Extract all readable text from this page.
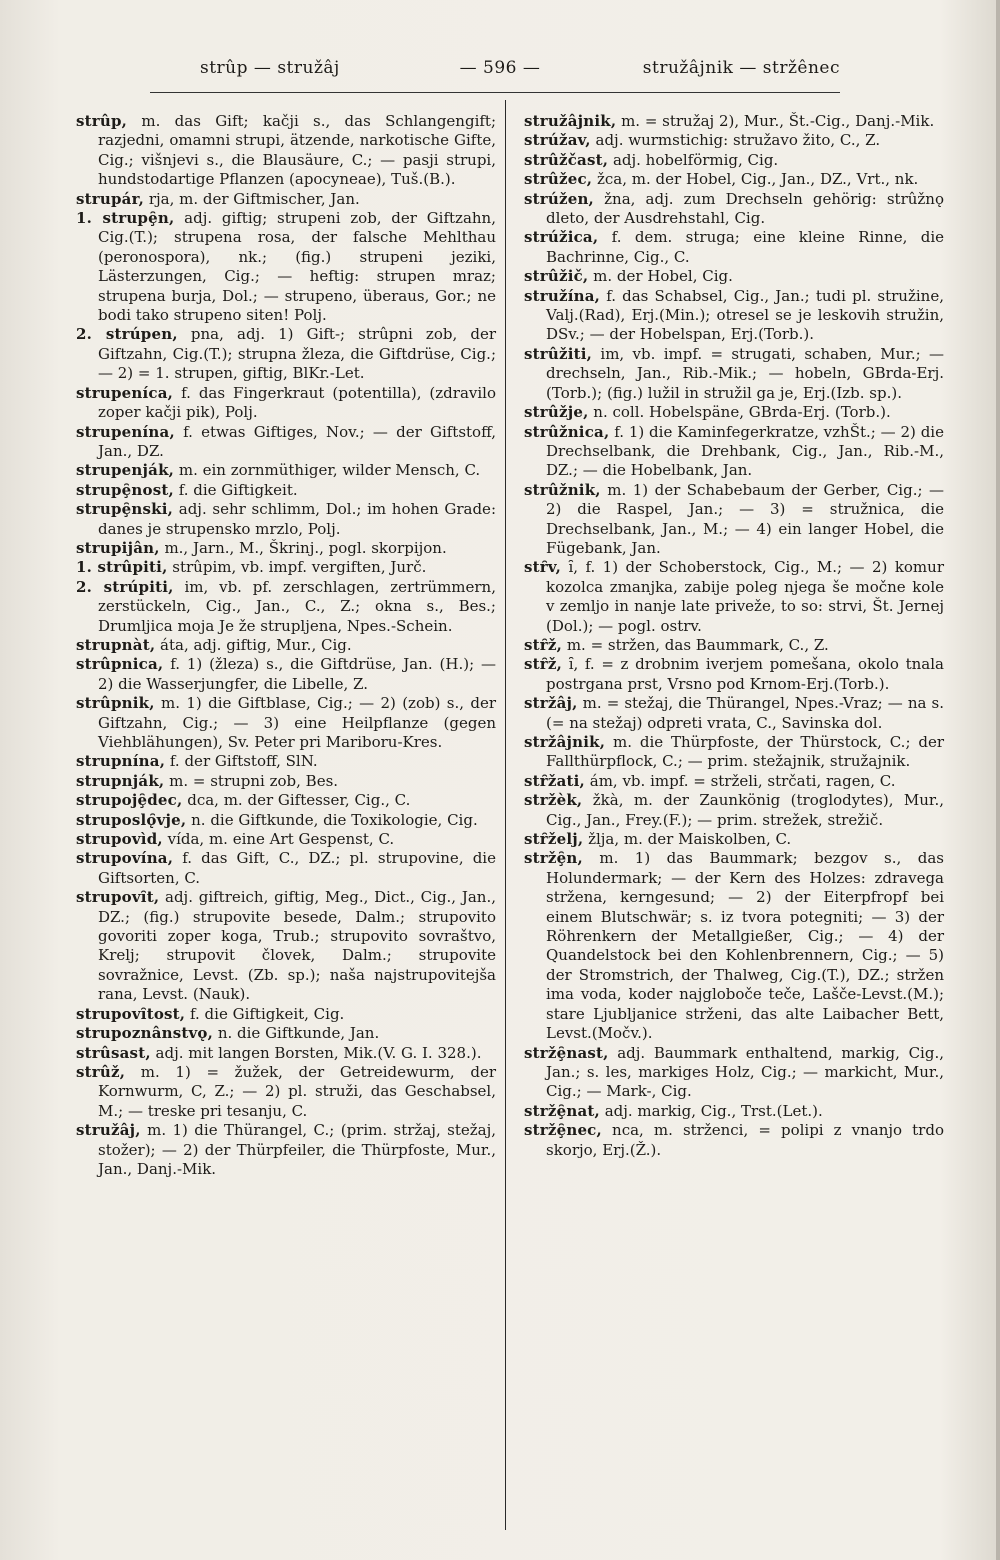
strûp — stružâj	— 596 —	stružâjnik — stržênec

strûp, m. das Gift; kačji s., das Schlangengift; razjedni, omamni strupi, ätzende, narkotische Gifte, Cig.; višnjevi s., die Blausäure, C.; — pasji strupi, hundstodartige Pflanzen (apocyneae), Tuš.(B.).

strupár, rja, m. der Giftmischer, Jan.

1. strupȩ̑n, adj. giftig; strupeni zob, der Giftzahn, Cig.(T.); strupena rosa, der falsche Mehlthau (peronospora), nk.; (fig.) strupeni jeziki, Lästerzungen, Cig.; — heftig: strupen mraz; strupena burja, Dol.; — strupeno, überaus, Gor.; ne bodi tako strupeno siten! Polj.

2. strúpen, pna, adj. 1) Gift-; strûpni zob, der Giftzahn, Cig.(T.); strupna žleza, die Giftdrüse, Cig.; — 2) = 1. strupen, giftig, BlKr.-Let.

strupeníca, f. das Fingerkraut (potentilla), (zdravilo zoper kačji pik), Polj.

strupenína, f. etwas Giftiges, Nov.; — der Giftstoff, Jan., DZ.

strupenják, m. ein zornmüthiger, wilder Mensch, C.

strupȩ̑nost, f. die Giftigkeit.

strupȩ̑nski, adj. sehr schlimm, Dol.; im hohen Grade: danes je strupensko mrzlo, Polj.

strupijân, m., Jarn., M., Škrinj., pogl. skorpijon.

1. strûpiti, strûpim, vb. impf. vergiften, Jurč.

2. strúpiti, im, vb. pf. zerschlagen, zertrümmern, zerstückeln, Cig., Jan., C., Z.; okna s., Bes.; Drumljica moja Je že strupljena, Npes.-Schein.

strupnàt, áta, adj. giftig, Mur., Cig.

strûpnica, f. 1) (žleza) s., die Giftdrüse, Jan. (H.); — 2) die Wasserjungfer, die Libelle, Z.

strûpnik, m. 1) die Giftblase, Cig.; — 2) (zob) s., der Giftzahn, Cig.; — 3) eine Heilpflanze (gegen Viehblähungen), Sv. Peter pri Mariboru-Kres.

strupnína, f. der Giftstoff, SlN.

strupnják, m. = strupni zob, Bes.

strupojȩ̑dec, dca, m. der Giftesser, Cig., C.

struposlǫ̑vje, n. die Giftkunde, die Toxikologie, Cig.

strupovìd, vída, m. eine Art Gespenst, C.

strupovína, f. das Gift, C., DZ.; pl. strupovine, die Giftsorten, C.

strupovȋt, adj. giftreich, giftig, Meg., Dict., Cig., Jan., DZ.; (fig.) strupovite besede, Dalm.; strupovito govoriti zoper koga, Trub.; strupovito sovraštvo, Krelj; strupovit človek, Dalm.; strupovite sovražnice, Levst. (Zb. sp.); naša najstrupovitejša rana, Levst. (Nauk).

strupovȋtost, f. die Giftigkeit, Cig.

strupoznânstvǫ, n. die Giftkunde, Jan.

strûsast, adj. mit langen Borsten, Mik.(V. G. I. 328.).

strûž, m. 1) = žužek, der Getreidewurm, der Kornwurm, C, Z.; — 2) pl. struži, das Geschabsel, M.; — treske pri tesanju, C.

stružâj, m. 1) die Thürangel, C.; (prim. stržaj, stežaj, stožer); — 2) der Thürpfeiler, die Thürpfoste, Mur., Jan., Danj.-Mik.

stružâjnik, m. = stružaj 2), Mur., Št.-Cig., Danj.-Mik.

strúžav, adj. wurmstichig: stružavo žito, C., Z.

strûžčast, adj. hobelförmig, Cig.

strûžec, žca, m. der Hobel, Cig., Jan., DZ., Vrt., nk.

strúžen, žna, adj. zum Drechseln gehörig: strûžnǫ dleto, der Ausdrehstahl, Cig.

strúžica, f. dem. struga; eine kleine Rinne, die Bachrinne, Cig., C.

strûžič, m. der Hobel, Cig.

stružína, f. das Schabsel, Cig., Jan.; tudi pl. stružine, Valj.(Rad), Erj.(Min.); otresel se je leskovih stružin, DSv.; — der Hobelspan, Erj.(Torb.).

strûžiti, im, vb. impf. = strugati, schaben, Mur.; — drechseln, Jan., Rib.-Mik.; — hobeln, GBrda-Erj.(Torb.); (fig.) lužil in stružil ga je, Erj.(Izb. sp.).

strûžje, n. coll. Hobelspäne, GBrda-Erj. (Torb.).

strûžnica, f. 1) die Kaminfegerkratze, vzhŠt.; — 2) die Drechselbank, die Drehbank, Cig., Jan., Rib.-M., DZ.; — die Hobelbank, Jan.

strûžnik, m. 1) der Schabebaum der Gerber, Cig.; — 2) die Raspel, Jan.; — 3) = stružnica, die Drechselbank, Jan., M.; — 4) ein langer Hobel, die Fügebank, Jan.

stȓv, ȋ, f. 1) der Schoberstock, Cig., M.; — 2) komur kozolca zmanjka, zabije poleg njega še močne kole v zemljo in nanje late priveže, to so: strvi, Št. Jernej (Dol.); — pogl. ostrv.

stȓž, m. = stržen, das Baummark, C., Z.

stȓž, ȋ, f. = z drobnim iverjem pomešana, okolo tnala postrgana prst, Vrsno pod Krnom-Erj.(Torb.).

stržâj, m. = stežaj, die Thürangel, Npes.-Vraz; — na s. (= na stežaj) odpreti vrata, C., Savinska dol.

stržâjnik, m. die Thürpfoste, der Thürstock, C.; der Fallthürpflock, C.; — prim. stežajnik, stružajnik.

stȓžati, ám, vb. impf. = strželi, strčati, ragen, C.

stržèk, žkà, m. der Zaunkönig (troglodytes), Mur., Cig., Jan., Frey.(F.); — prim. strežek, strežič.

stȓželj, žlja, m. der Maiskolben, C.

stržȩ̑n, m. 1) das Baummark; bezgov s., das Holundermark; — der Kern des Holzes: zdravega strženа, kerngesund; — 2) der Eiterpfropf bei einem Blutschwär; s. iz tvora potegniti; — 3) der Röhrenkern der Metallgießer, Cig.; — 4) der Quandelstock bei den Kohlenbrennern, Cig.; — 5) der Stromstrich, der Thalweg, Cig.(T.), DZ.; stržen ima voda, koder najgloboče teče, Lašče-Levst.(M.); stare Ljubljanice strženi, das alte Laibacher Bett, Levst.(Močv.).

stržȩ̑nast, adj. Baummark enthaltend, markig, Cig., Jan.; s. les, markiges Holz, Cig.; — markicht, Mur., Cig.; — Mark-, Cig.

stržȩ̑nat, adj. markig, Cig., Trst.(Let.).

stržȩ̑nec, nca, m. strženci, = polipi z vnanjo trdo skorjo, Erj.(Ž.).
